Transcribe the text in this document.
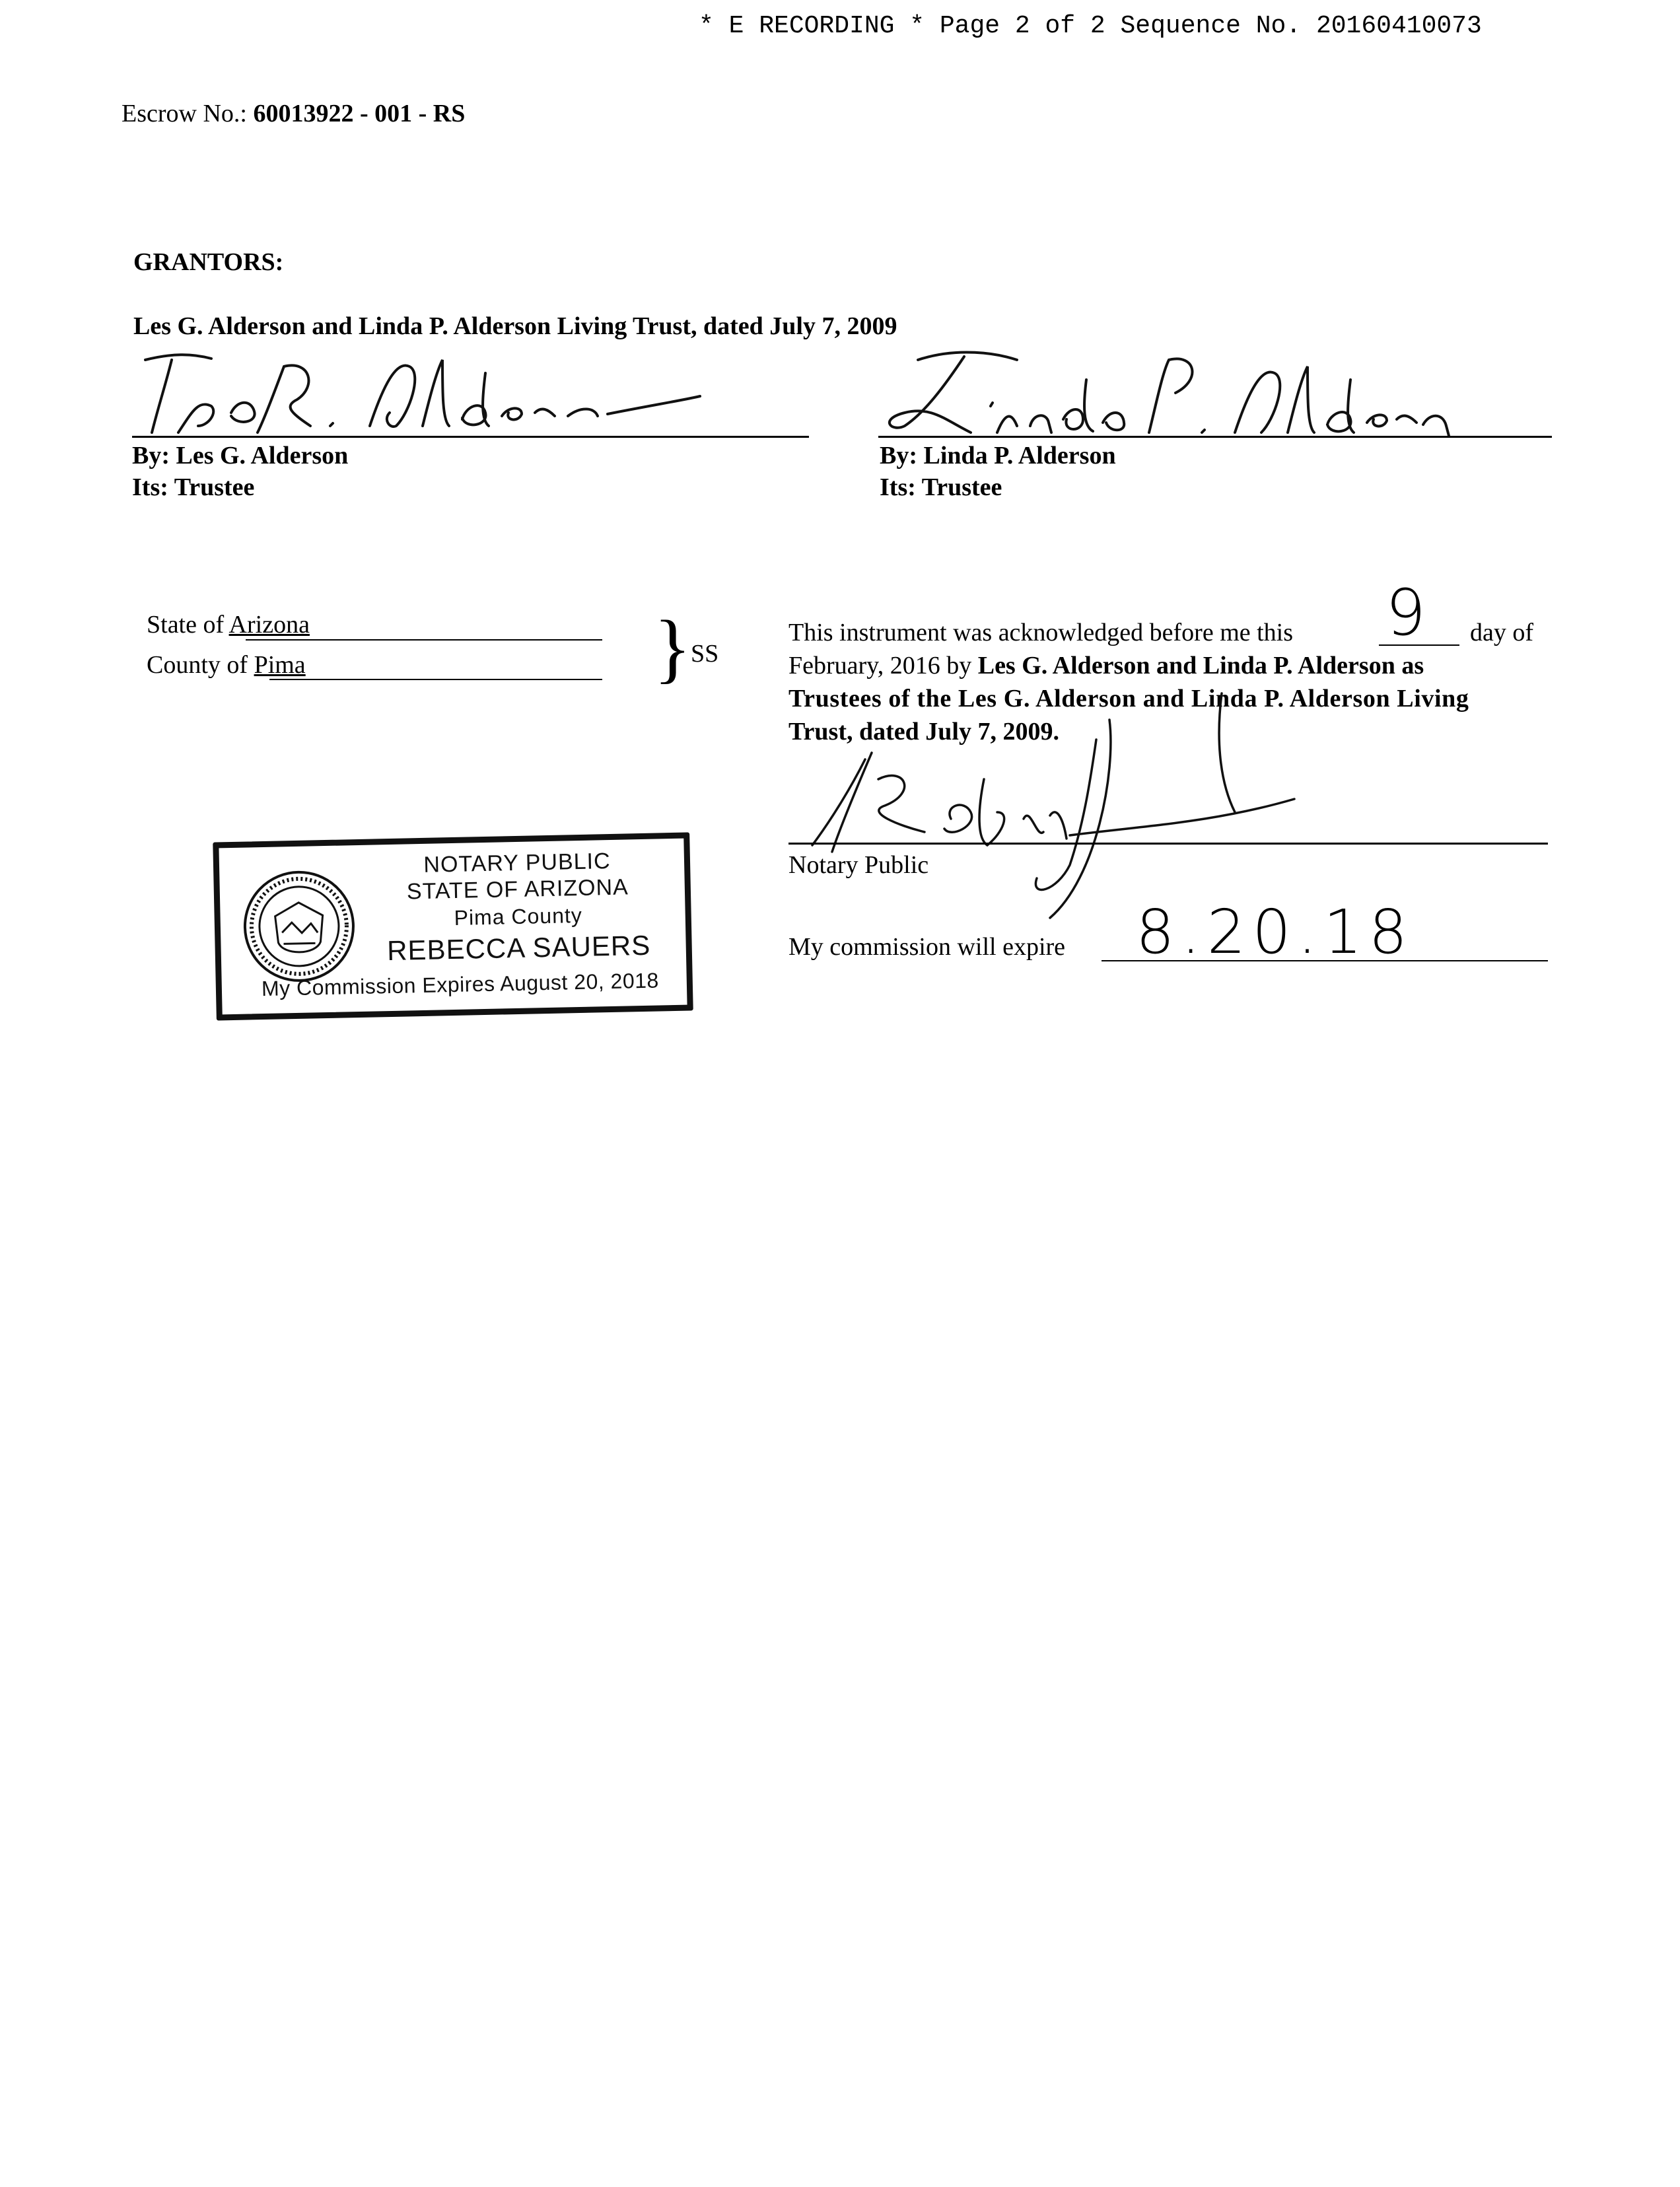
* E RECORDING * Page 2 of 2 Sequence No. 20160410073
Escrow No.: 60013922 - 001 - RS
GRANTORS:
Les G. Alderson and Linda P. Alderson Living Trust, dated July 7, 2009
By: Les G. Alderson
Its: Trustee
By: Linda P. Alderson
Its: Trustee
State of Arizona
County of Pima	} SS
This instrument was acknowledged before me this	9 day of
February, 2016 by Les G. Alderson and Linda P. Alderson as
Trustees of the Les G. Alderson and Linda P. Alderson Living
Trust, dated July 7, 2009.
Notary Public
My commission will expire 8.20.18
NOTARY PUBLIC
STATE OF ARIZONA
Pima County
REBECCA SAUERS
My Commission Expires August 20, 2018
